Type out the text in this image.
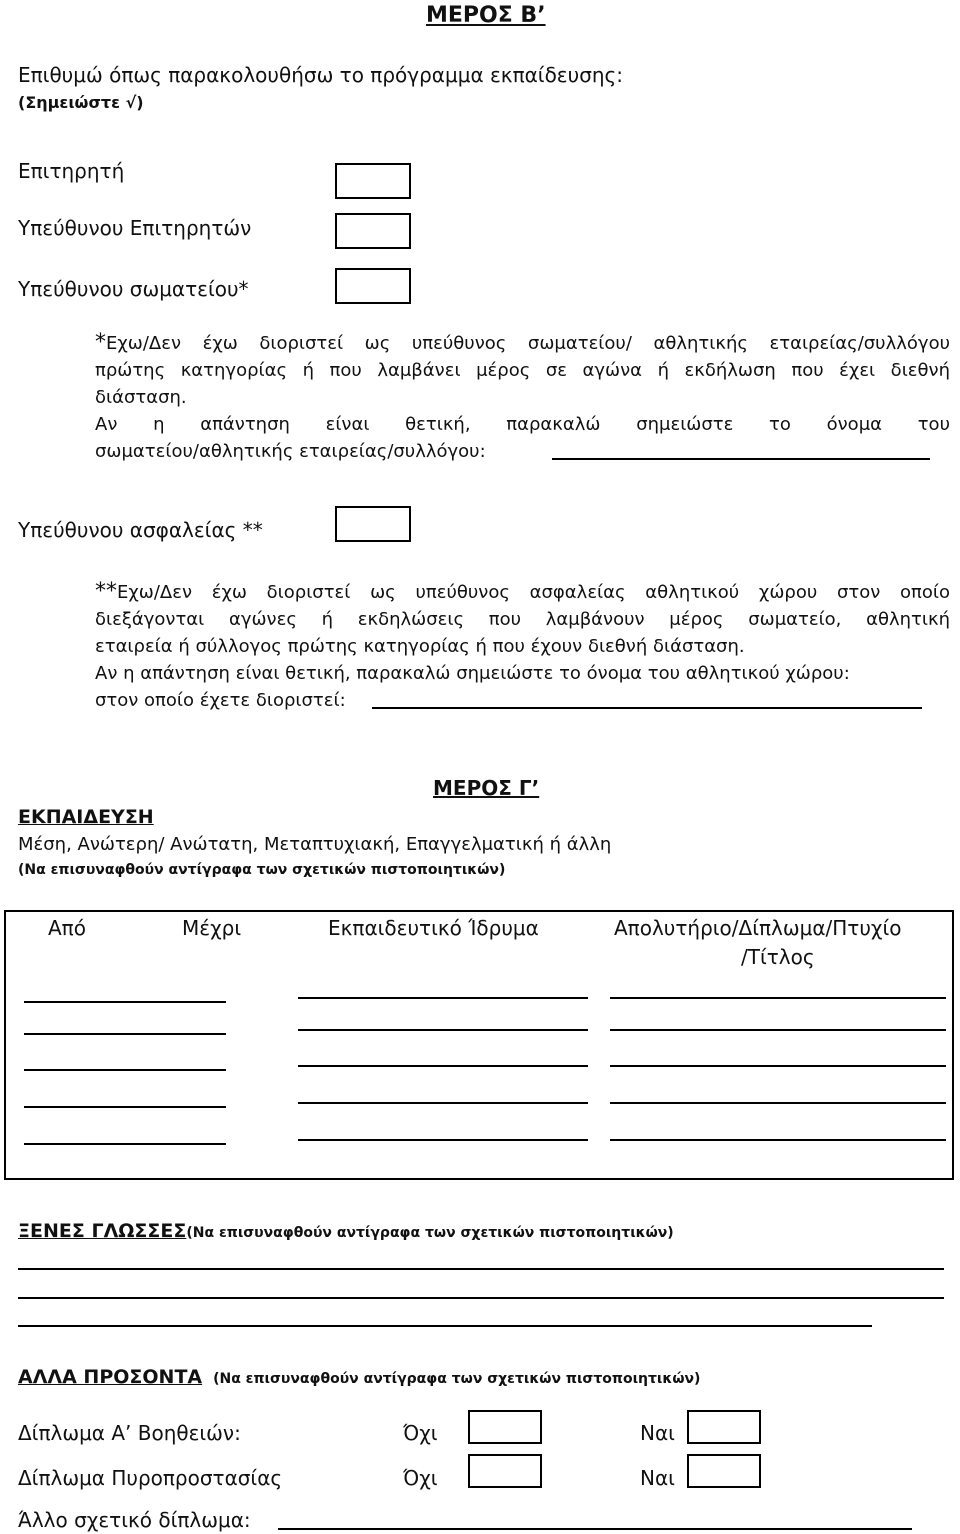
ΜΕΡΟΣ Β’
Επιθυμώ όπως παρακολουθήσω το πρόγραμμα εκπαίδευσης:
(Σημειώστε √)
Επιτηρητή
Υπεύθυνου Επιτηρητών
Υπεύθυνου σωματείου*
*Εχω/Δεν έχω διοριστεί ως υπεύθυνος σωματείου/ αθλητικής εταιρείας/συλλόγου
πρώτης κατηγορίας ή που λαμβάνει μέρος σε αγώνα ή εκδήλωση που έχει διεθνή
διάσταση.
Αν η απάντηση είναι θετική, παρακαλώ σημειώστε το όνομα του
σωματείου/αθλητικής εταιρείας/συλλόγου:
Υπεύθυνου ασφαλείας **
**Εχω/Δεν έχω διοριστεί ως υπεύθυνος ασφαλείας αθλητικού χώρου στον οποίο
διεξάγονται αγώνες ή εκδηλώσεις που λαμβάνουν μέρος σωματείο, αθλητική
εταιρεία ή σύλλογος πρώτης κατηγορίας ή που έχουν διεθνή διάσταση.
Αν η απάντηση είναι θετική, παρακαλώ σημειώστε το όνομα του αθλητικού χώρου:
στον οποίο έχετε διοριστεί:
ΜΕΡΟΣ Γ’
ΕΚΠΑΙΔΕΥΣΗ
Μέση, Ανώτερη/ Ανώτατη, Μεταπτυχιακή, Επαγγελματική ή άλλη
(Να επισυναφθούν αντίγραφα των σχετικών πιστοποιητικών)
Από	Μέχρι	Εκπαιδευτικό Ίδρυμα	Απολυτήριο/Δίπλωμα/Πτυχίο
/Τίτλος
ΞΕΝΕΣ ΓΛΩΣΣΕΣ(Να επισυναφθούν αντίγραφα των σχετικών πιστοποιητικών)
ΑΛΛΑ ΠΡΟΣΟΝΤΑ (Να επισυναφθούν αντίγραφα των σχετικών πιστοποιητικών)
Δίπλωμα Α’ Βοηθειών:	Όχι	Ναι
Δίπλωμα Πυροπροστασίας	Όχι	Ναι
Άλλο σχετικό δίπλωμα:
